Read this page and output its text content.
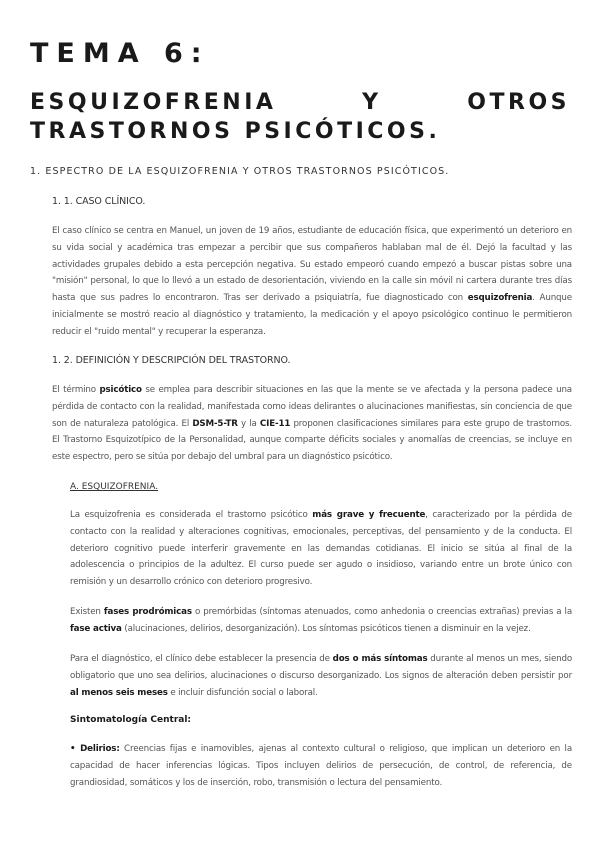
TEMA 6:
ESQUIZOFRENIA Y OTROS TRASTORNOS PSICÓTICOS.

1. ESPECTRO DE LA ESQUIZOFRENIA Y OTROS TRASTORNOS PSICÓTICOS.

1. 1. CASO CLÍNICO.

El caso clínico se centra en Manuel, un joven de 19 años, estudiante de educación física, que experimentó un deterioro en su vida social y académica tras empezar a percibir que sus compañeros hablaban mal de él. Dejó la facultad y las actividades grupales debido a esta percepción negativa. Su estado empeoró cuando empezó a buscar pistas sobre una "misión" personal, lo que lo llevó a un estado de desorientación, viviendo en la calle sin móvil ni cartera durante tres días hasta que sus padres lo encontraron. Tras ser derivado a psiquiatría, fue diagnosticado con esquizofrenia. Aunque inicialmente se mostró reacio al diagnóstico y tratamiento, la medicación y el apoyo psicológico continuo le permitieron reducir el "ruido mental" y recuperar la esperanza.

1. 2. DEFINICIÓN Y DESCRIPCIÓN DEL TRASTORNO.

El término psicótico se emplea para describir situaciones en las que la mente se ve afectada y la persona padece una pérdida de contacto con la realidad, manifestada como ideas delirantes o alucinaciones manifiestas, sin conciencia de que son de naturaleza patológica. El DSM-5-TR y la CIE-11 proponen clasificaciones similares para este grupo de trastornos. El Trastorno Esquizotípico de la Personalidad, aunque comparte déficits sociales y anomalías de creencias, se incluye en este espectro, pero se sitúa por debajo del umbral para un diagnóstico psicótico.

A. ESQUIZOFRENIA.

La esquizofrenia es considerada el trastorno psicótico más grave y frecuente, caracterizado por la pérdida de contacto con la realidad y alteraciones cognitivas, emocionales, perceptivas, del pensamiento y de la conducta. El deterioro cognitivo puede interferir gravemente en las demandas cotidianas. El inicio se sitúa al final de la adolescencia o principios de la adultez. El curso puede ser agudo o insidioso, variando entre un brote único con remisión y un desarrollo crónico con deterioro progresivo.

Existen fases prodrómicas o premórbidas (síntomas atenuados, como anhedonia o creencias extrañas) previas a la fase activa (alucinaciones, delirios, desorganización). Los síntomas psicóticos tienen a disminuir en la vejez.

Para el diagnóstico, el clínico debe establecer la presencia de dos o más síntomas durante al menos un mes, siendo obligatorio que uno sea delirios, alucinaciones o discurso desorganizado. Los signos de alteración deben persistir por al menos seis meses e incluir disfunción social o laboral.

Sintomatología Central:

• Delirios: Creencias fijas e inamovibles, ajenas al contexto cultural o religioso, que implican un deterioro en la capacidad de hacer inferencias lógicas. Tipos incluyen delirios de persecución, de control, de referencia, de grandiosidad, somáticos y los de inserción, robo, transmisión o lectura del pensamiento.
